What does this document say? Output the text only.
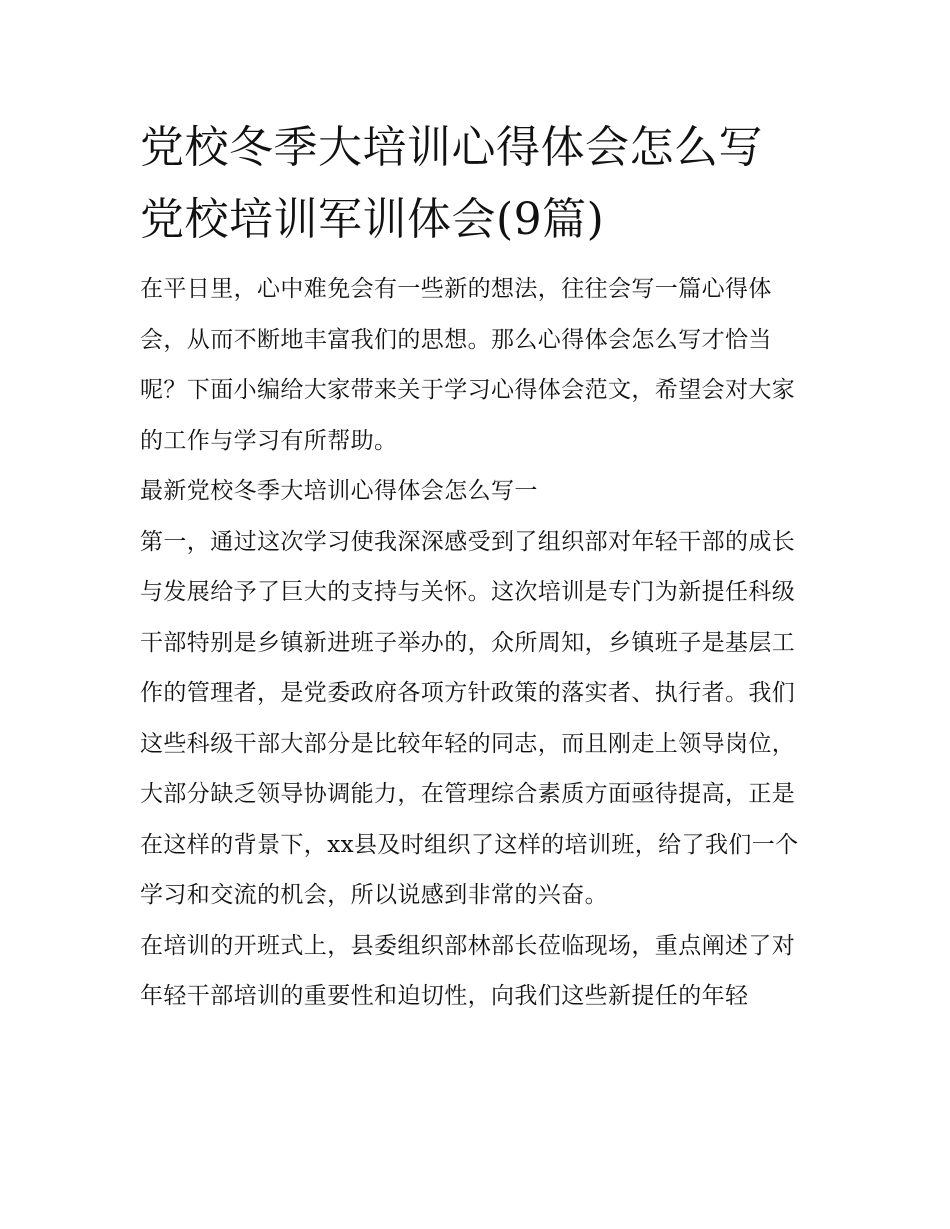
党校冬季大培训心得体会怎么写 党校培训军训体会(9篇)

在平日里，心中难免会有一些新的想法，往往会写一篇心得体会，从而不断地丰富我们的思想。那么心得体会怎么写才恰当呢？下面小编给大家带来关于学习心得体会范文，希望会对大家的工作与学习有所帮助。

最新党校冬季大培训心得体会怎么写一

第一，通过这次学习使我深深感受到了组织部对年轻干部的成长与发展给予了巨大的支持与关怀。这次培训是专门为新提任科级干部特别是乡镇新进班子举办的，众所周知，乡镇班子是基层工作的管理者，是党委政府各项方针政策的落实者、执行者。我们这些科级干部大部分是比较年轻的同志，而且刚走上领导岗位，大部分缺乏领导协调能力，在管理综合素质方面亟待提高，正是在这样的背景下，xx县及时组织了这样的培训班，给了我们一个学习和交流的机会，所以说感到非常的兴奋。

在培训的开班式上，县委组织部林部长莅临现场，重点阐述了对年轻干部培训的重要性和迫切性，向我们这些新提任的年轻
